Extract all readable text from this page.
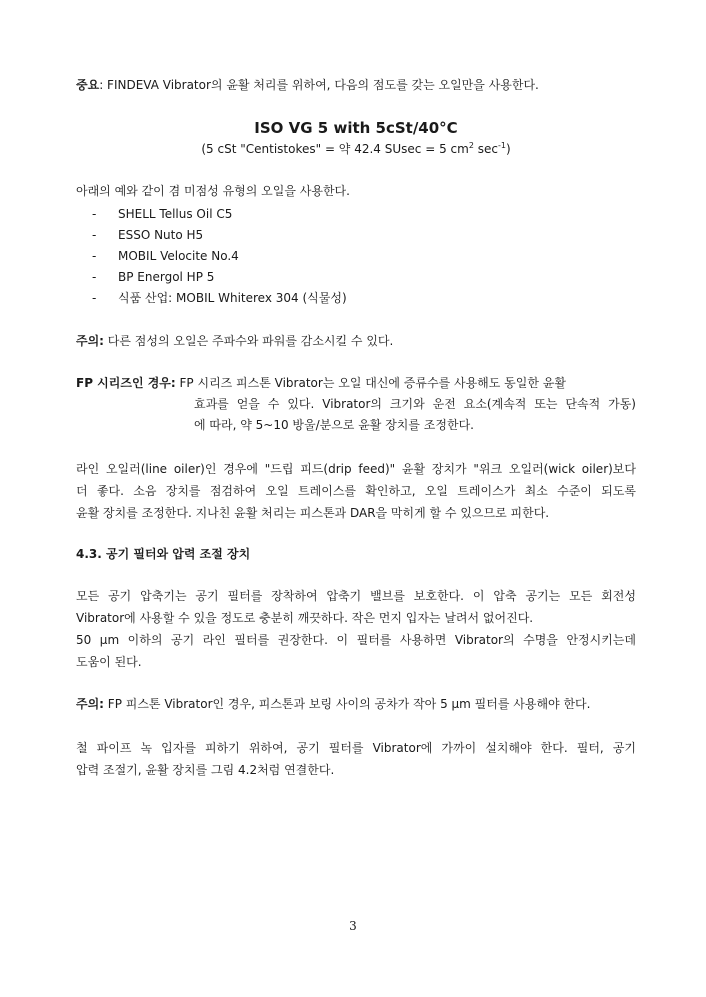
중요: FINDEVA Vibrator의 윤활 처리를 위하여, 다음의 점도를 갖는 오일만을 사용한다.
ISO VG 5 with 5cSt/40°C
(5 cSt "Centistokes" = 약 42.4 SUsec = 5 $cm^2$ $\sec^{-1}$)
아래의 예와 같이 겸 미점성 유형의 오일을 사용한다.
- SHELL Tellus Oil C5
- ESSO Nuto H5
- MOBIL Velocite No.4
- BP Energol HP 5
- 식품 산업: MOBIL Whiterex 304 (식물성)
주의: 다른 점성의 오일은 주파수와 파워를 감소시킬 수 있다.
FP 시리즈인 경우: FP 시리즈 피스톤 Vibrator는 오일 대신에 증류수를 사용해도 동일한 윤활
효과를 얻을 수 있다. Vibrator의 크기와 운전 요소(계속적 또는 단속적 가동)
에 따라, 약 5~10 방울/분으로 윤활 장치를 조정한다.
라인 오일러(line oiler)인 경우에 "드립 피드(drip feed)" 윤활 장치가 "위크 오일러(wick oiler)보다
더 좋다. 소음 장치를 점검하여 오일 트레이스를 확인하고, 오일 트레이스가 최소 수준이 되도록
윤활 장치를 조정한다. 지나친 윤활 처리는 피스톤과 DAR을 막히게 할 수 있으므로 피한다.
4.3. 공기 필터와 압력 조절 장치
모든 공기 압축기는 공기 필터를 장착하여 압축기 밸브를 보호한다. 이 압축 공기는 모든 회전성
Vibrator에 사용할 수 있을 정도로 충분히 깨끗하다. 작은 먼지 입자는 날려서 없어진다.
50 μm 이하의 공기 라인 필터를 권장한다. 이 필터를 사용하면 Vibrator의 수명을 안정시키는데
도움이 된다.
주의: FP 피스톤 Vibrator인 경우, 피스톤과 보링 사이의 공차가 작아 5 μm 필터를 사용해야 한다.
철 파이프 녹 입자를 피하기 위하여, 공기 필터를 Vibrator에 가까이 설치해야 한다. 필터, 공기
압력 조절기, 윤활 장치를 그림 4.2처럼 연결한다.
3
